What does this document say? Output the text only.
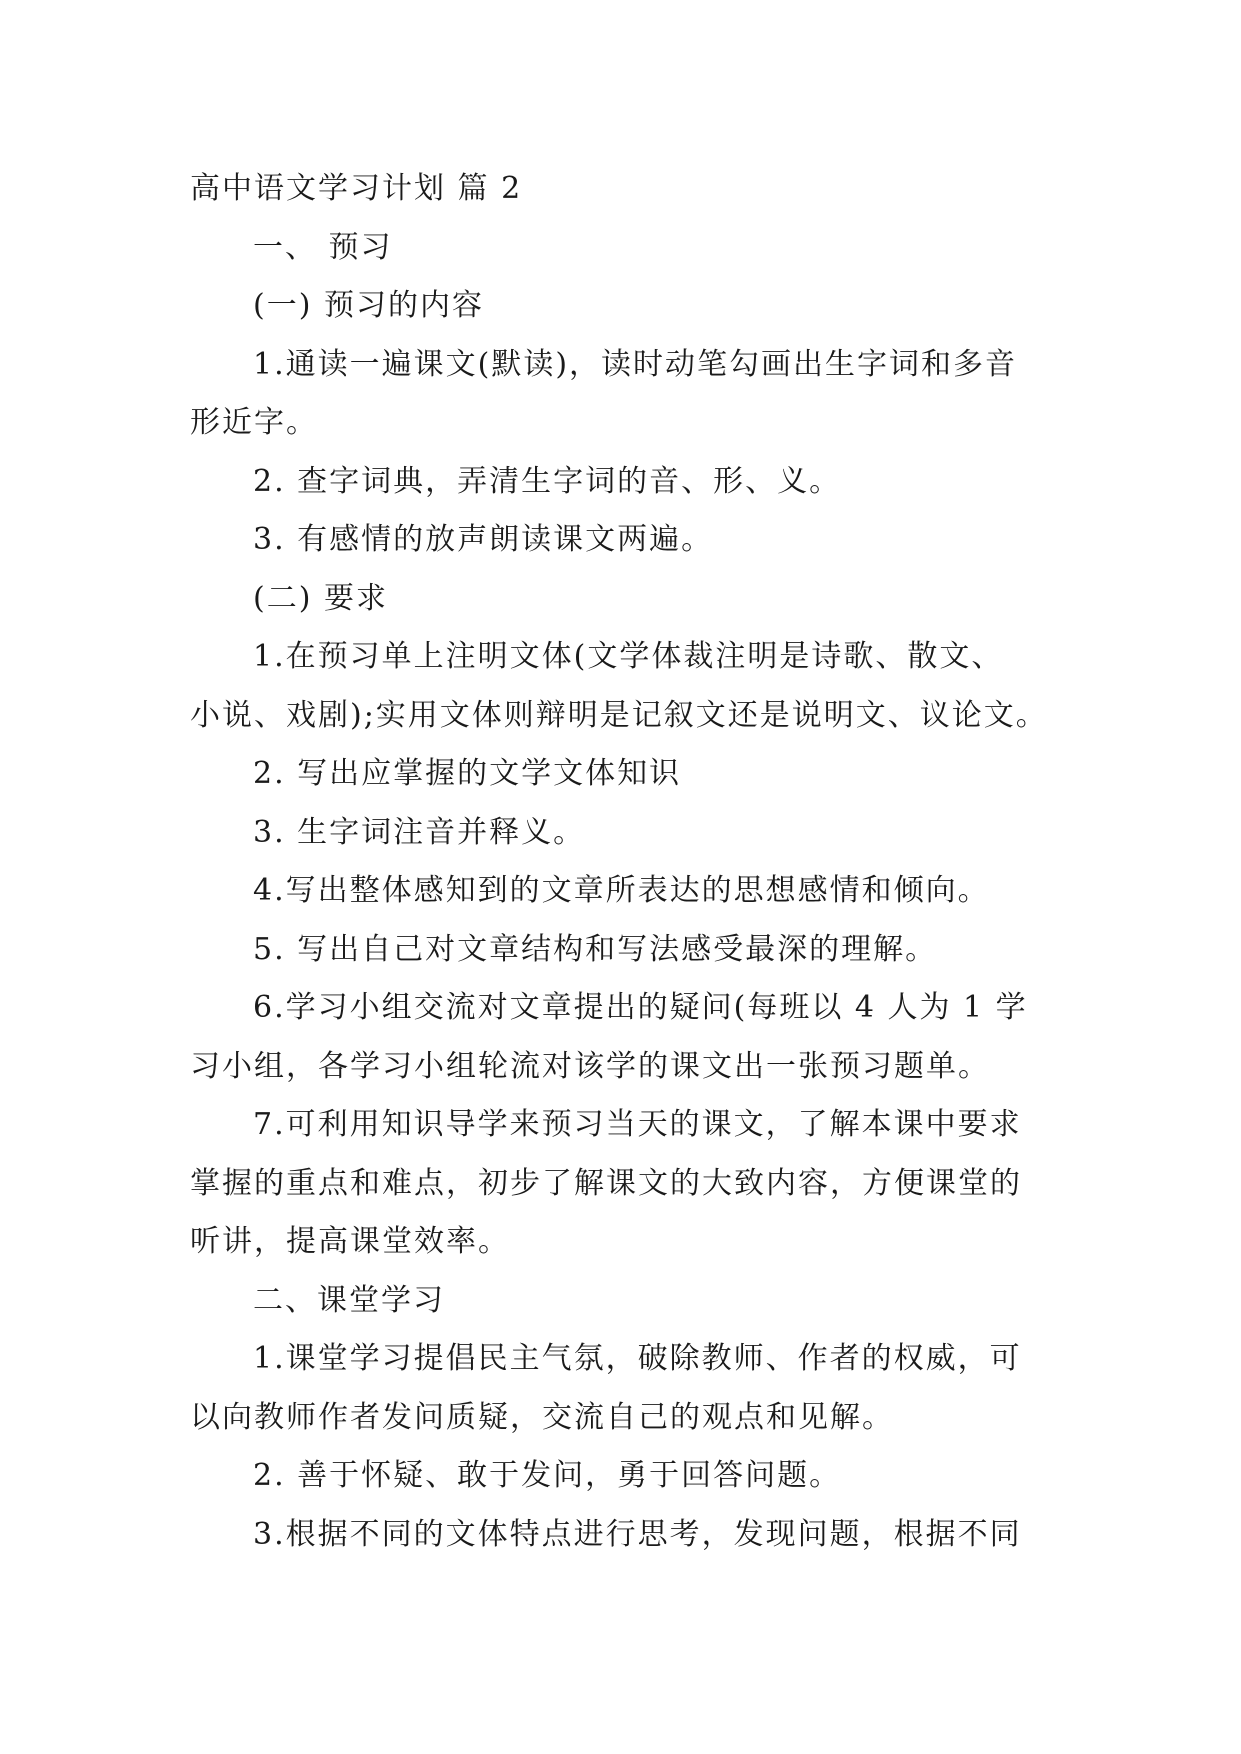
高中语文学习计划 篇 2

一、 预习

(一) 预习的内容

1.通读一遍课文(默读)，读时动笔勾画出生字词和多音

形近字。

2. 查字词典，弄清生字词的音、形、义。

3. 有感情的放声朗读课文两遍。

(二) 要求

1.在预习单上注明文体(文学体裁注明是诗歌、散文、

小说、戏剧);实用文体则辩明是记叙文还是说明文、议论文。

2. 写出应掌握的文学文体知识

3. 生字词注音并释义。

4.写出整体感知到的文章所表达的思想感情和倾向。

5. 写出自己对文章结构和写法感受最深的理解。

6.学习小组交流对文章提出的疑问(每班以 4 人为 1 学

习小组，各学习小组轮流对该学的课文出一张预习题单。

7.可利用知识导学来预习当天的课文，了解本课中要求

掌握的重点和难点，初步了解课文的大致内容，方便课堂的

听讲，提高课堂效率。

二、课堂学习

1.课堂学习提倡民主气氛，破除教师、作者的权威，可

以向教师作者发问质疑，交流自己的观点和见解。

2. 善于怀疑、敢于发问，勇于回答问题。

3.根据不同的文体特点进行思考，发现问题，根据不同
